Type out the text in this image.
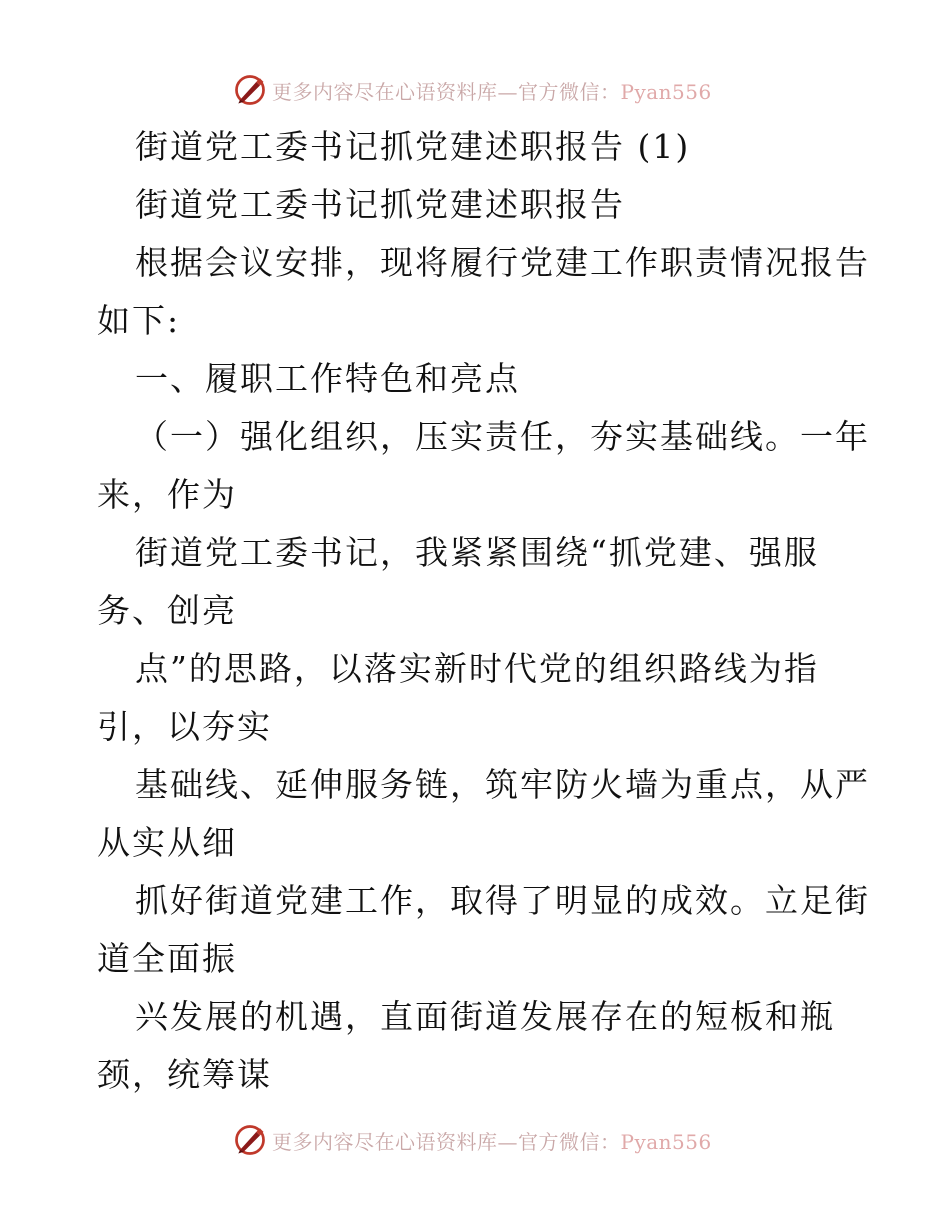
更多内容尽在心语资料库—官方微信：Pyan556
街道党工委书记抓党建述职报告 (1)
街道党工委书记抓党建述职报告
根据会议安排，现将履行党建工作职责情况报告
如下:
一、履职工作特色和亮点
（一）强化组织，压实责任，夯实基础线。一年
来，作为
街道党工委书记，我紧紧围绕“抓党建、强服
务、创亮
点”的思路，以落实新时代党的组织路线为指
引，以夯实
基础线、延伸服务链，筑牢防火墙为重点，从严
从实从细
抓好街道党建工作，取得了明显的成效。立足街
道全面振
兴发展的机遇，直面街道发展存在的短板和瓶
颈，统筹谋
更多内容尽在心语资料库—官方微信：Pyan556
